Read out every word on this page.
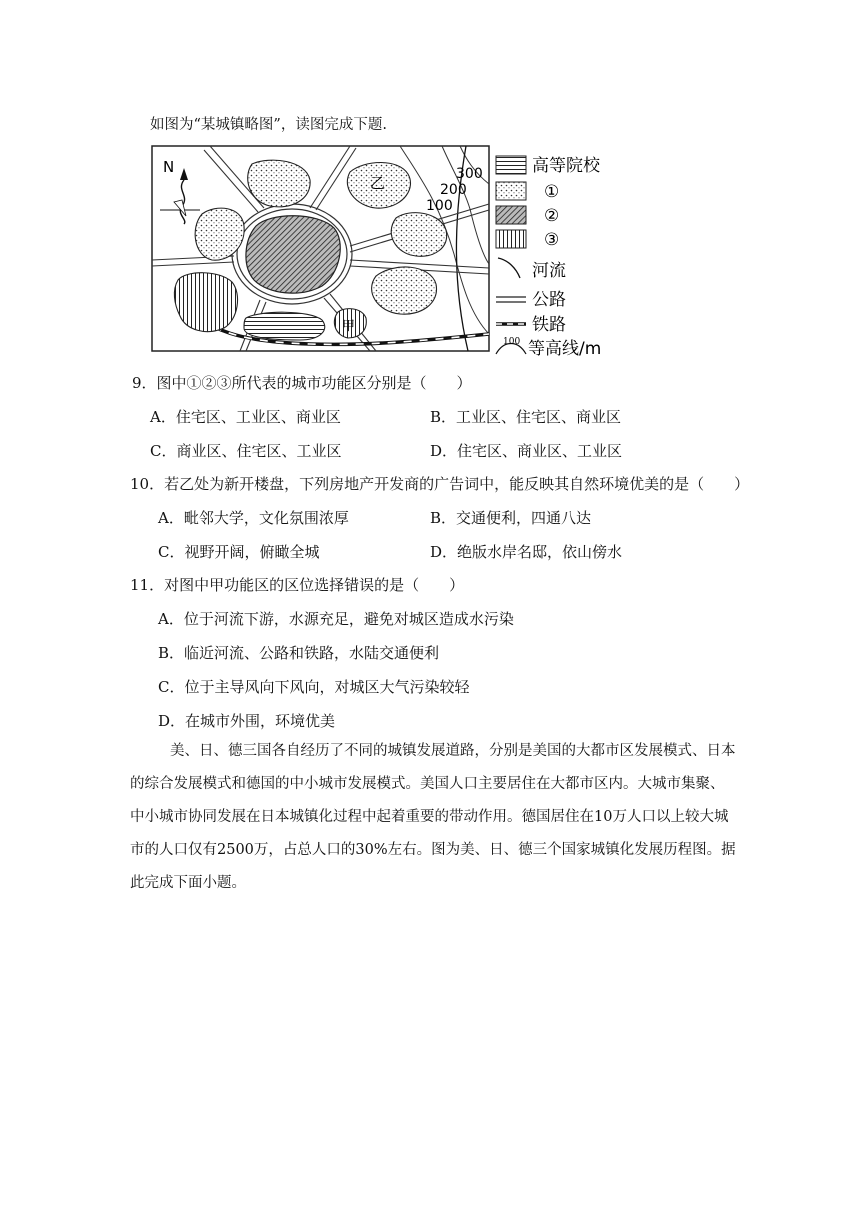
如图为“某城镇略图”，读图完成下题.
N
乙
甲
300
200
100
高等院校
①
②
③
河流
公路
铁路
100 等高线/m
9．图中①②③所代表的城市功能区分别是（　　）
A．住宅区、工业区、商业区	B．工业区、住宅区、商业区
C．商业区、住宅区、工业区	D．住宅区、商业区、工业区
10．若乙处为新开楼盘，下列房地产开发商的广告词中，能反映其自然环境优美的是（　　）
A．毗邻大学，文化氛围浓厚	B．交通便利，四通八达
C．视野开阔，俯瞰全城	D．绝版水岸名邸，依山傍水
11．对图中甲功能区的区位选择错误的是（　　）
A．位于河流下游，水源充足，避免对城区造成水污染
B．临近河流、公路和铁路，水陆交通便利
C．位于主导风向下风向，对城区大气污染较轻
D．在城市外围，环境优美
美、日、德三国各自经历了不同的城镇发展道路，分别是美国的大都市区发展模式、日本的综合发展模式和德国的中小城市发展模式。美国人口主要居住在大都市区内。大城市集聚、中小城市协同发展在日本城镇化过程中起着重要的带动作用。德国居住在10万人口以上较大城市的人口仅有2500万，占总人口的30%左右。图为美、日、德三个国家城镇化发展历程图。据此完成下面小题。
